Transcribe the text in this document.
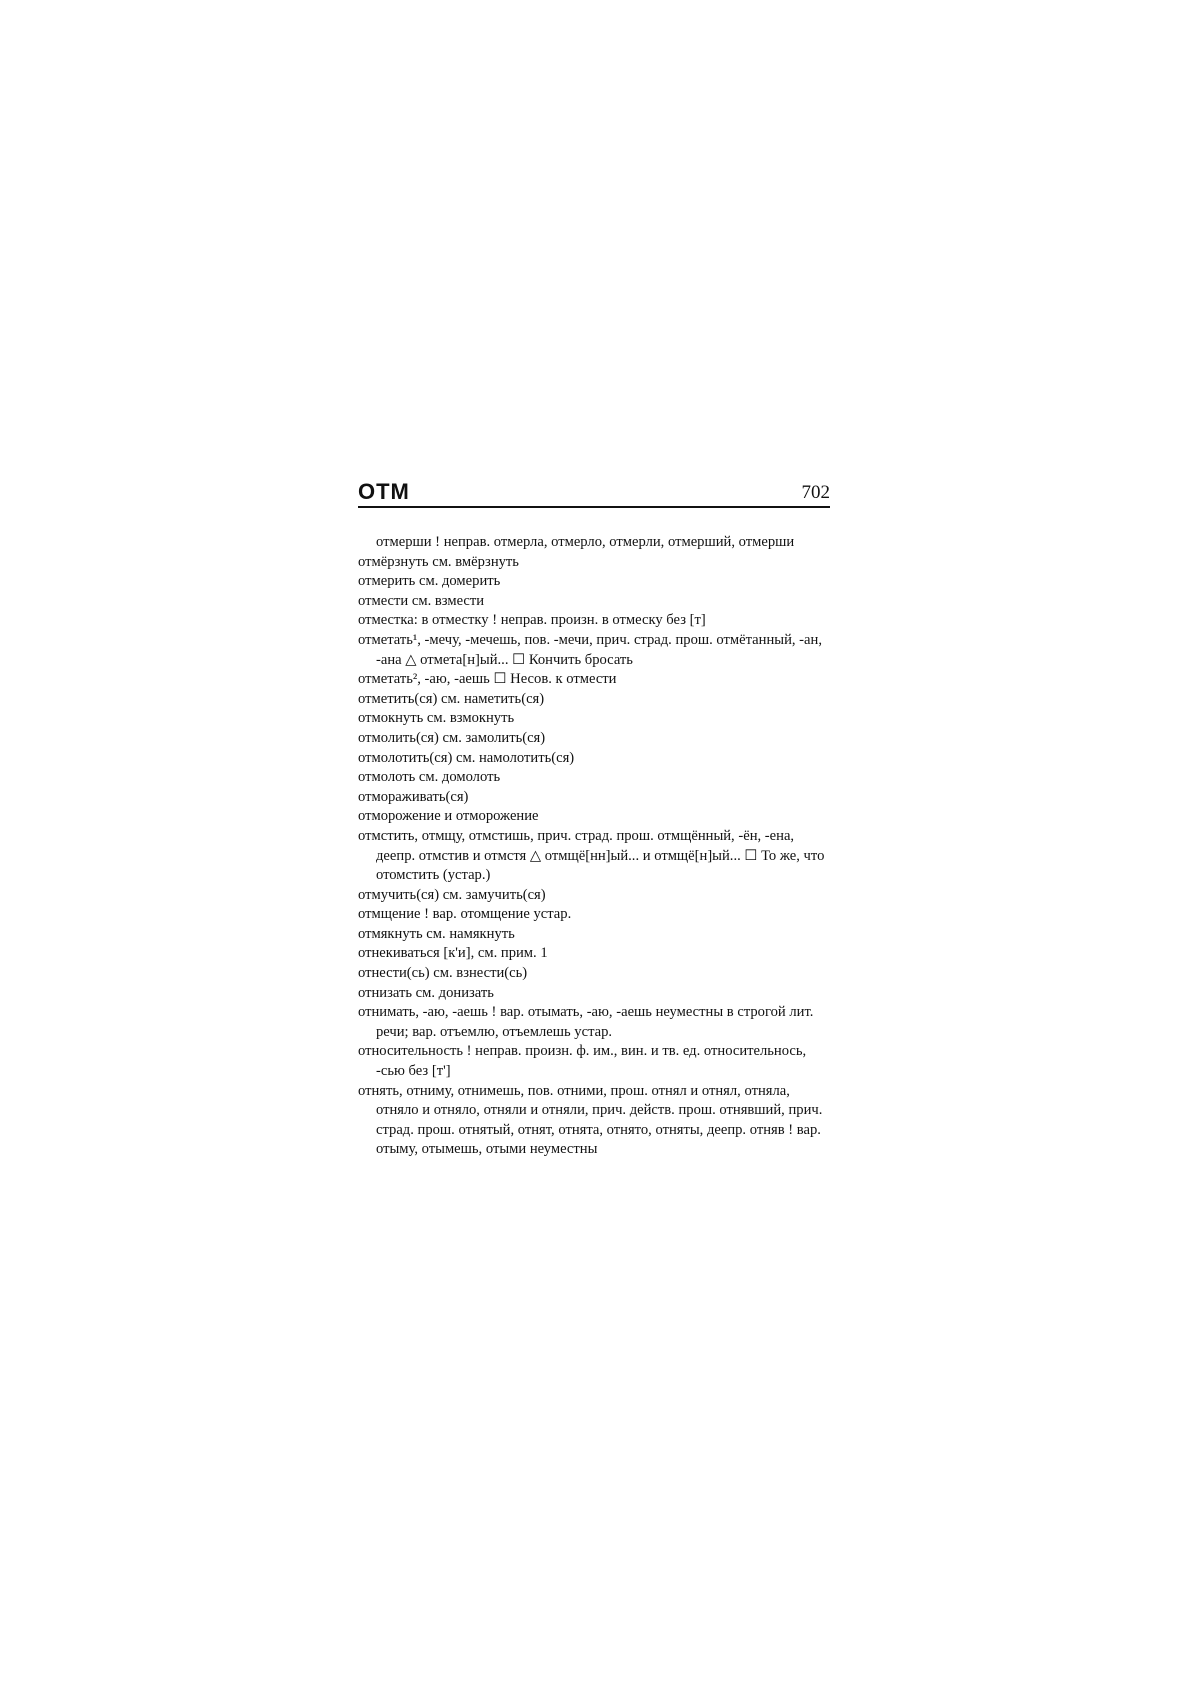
ОТМ	702

отмерши ! неправ. отмерла, отмерло, отмерли, отмерший, отмерши

отмёрзнуть см. вмёрзнуть

отмерить см. домерить

отмести см. взмести

отместка: в отместку ! неправ. произн. в отмеску без [т]

отметать¹, -мечу, -мечешь, пов. -мечи, прич. страд. прош. отмётанный, -ан, -ана △ отмета[н]ый... ☐ Кончить бросать

отметать², -аю, -аешь ☐ Несов. к отмести

отметить(ся) см. наметить(ся)

отмокнуть см. взмокнуть

отмолить(ся) см. замолить(ся)

отмолотить(ся) см. намолотить(ся)

отмолоть см. домолоть

отмораживать(ся)

отморожение и отморожение

отмстить, отмщу, отмстишь, прич. страд. прош. отмщённый, -ён, -ена, деепр. отмстив и отмстя △ отмщё[нн]ый... и отмщё[н]ый... ☐ То же, что отомстить (устар.)

отмучить(ся) см. замучить(ся)

отмщение ! вар. отомщение устар.

отмякнуть см. намякнуть

отнекиваться [к'и], см. прим. 1

отнести(сь) см. взнести(сь)

отнизать см. донизать

отнимать, -аю, -аешь ! вар. отымать, -аю, -аешь неуместны в строгой лит. речи; вар. отъемлю, отъемлешь устар.

относительность ! неправ. произн. ф. им., вин. и тв. ед. относительнось, -сью без [т']

отнять, отниму, отнимешь, пов. отними, прош. отнял и отнял, отняла, отняло и отняло, отняли и отняли, прич. действ. прош. отнявший, прич. страд. прош. отнятый, отнят, отнята, отнято, отняты, деепр. отняв ! вар. отыму, отымешь, отыми неуместны
